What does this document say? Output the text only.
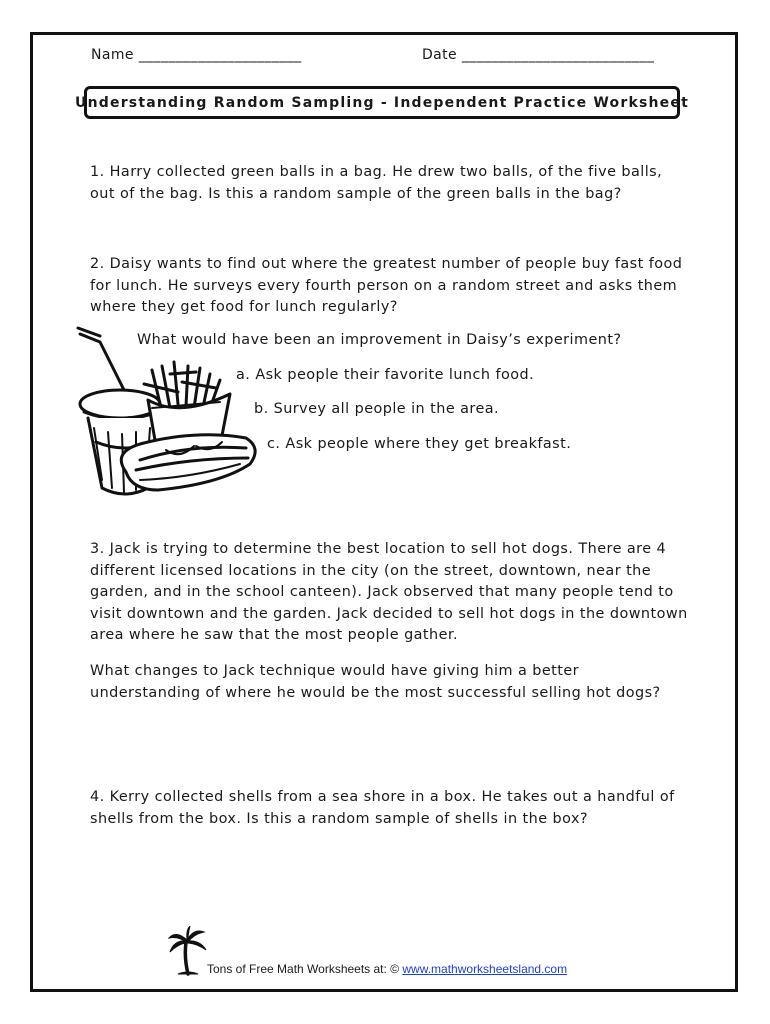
Name ______________________	Date __________________________
Understanding Random Sampling - Independent Practice Worksheet

1. Harry collected green balls in a bag. He drew two balls, of the five balls, out of the bag. Is this a random sample of the green balls in the bag?

2. Daisy wants to find out where the greatest number of people buy fast food for lunch. He surveys every fourth person on a random street and asks them where they get food for lunch regularly?

What would have been an improvement in Daisy’s experiment?
a. Ask people their favorite lunch food.
b. Survey all people in the area.
c. Ask people where they get breakfast.

3. Jack is trying to determine the best location to sell hot dogs. There are 4 different licensed locations in the city (on the street, downtown, near the garden, and in the school canteen). Jack observed that many people tend to visit downtown and the garden. Jack decided to sell hot dogs in the downtown area where he saw that the most people gather.

What changes to Jack technique would have giving him a better understanding of where he would be the most successful selling hot dogs?

4. Kerry collected shells from a sea shore in a box. He takes out a handful of shells from the box. Is this a random sample of shells in the box?

Tons of Free Math Worksheets at: © www.mathworksheetsland.com
